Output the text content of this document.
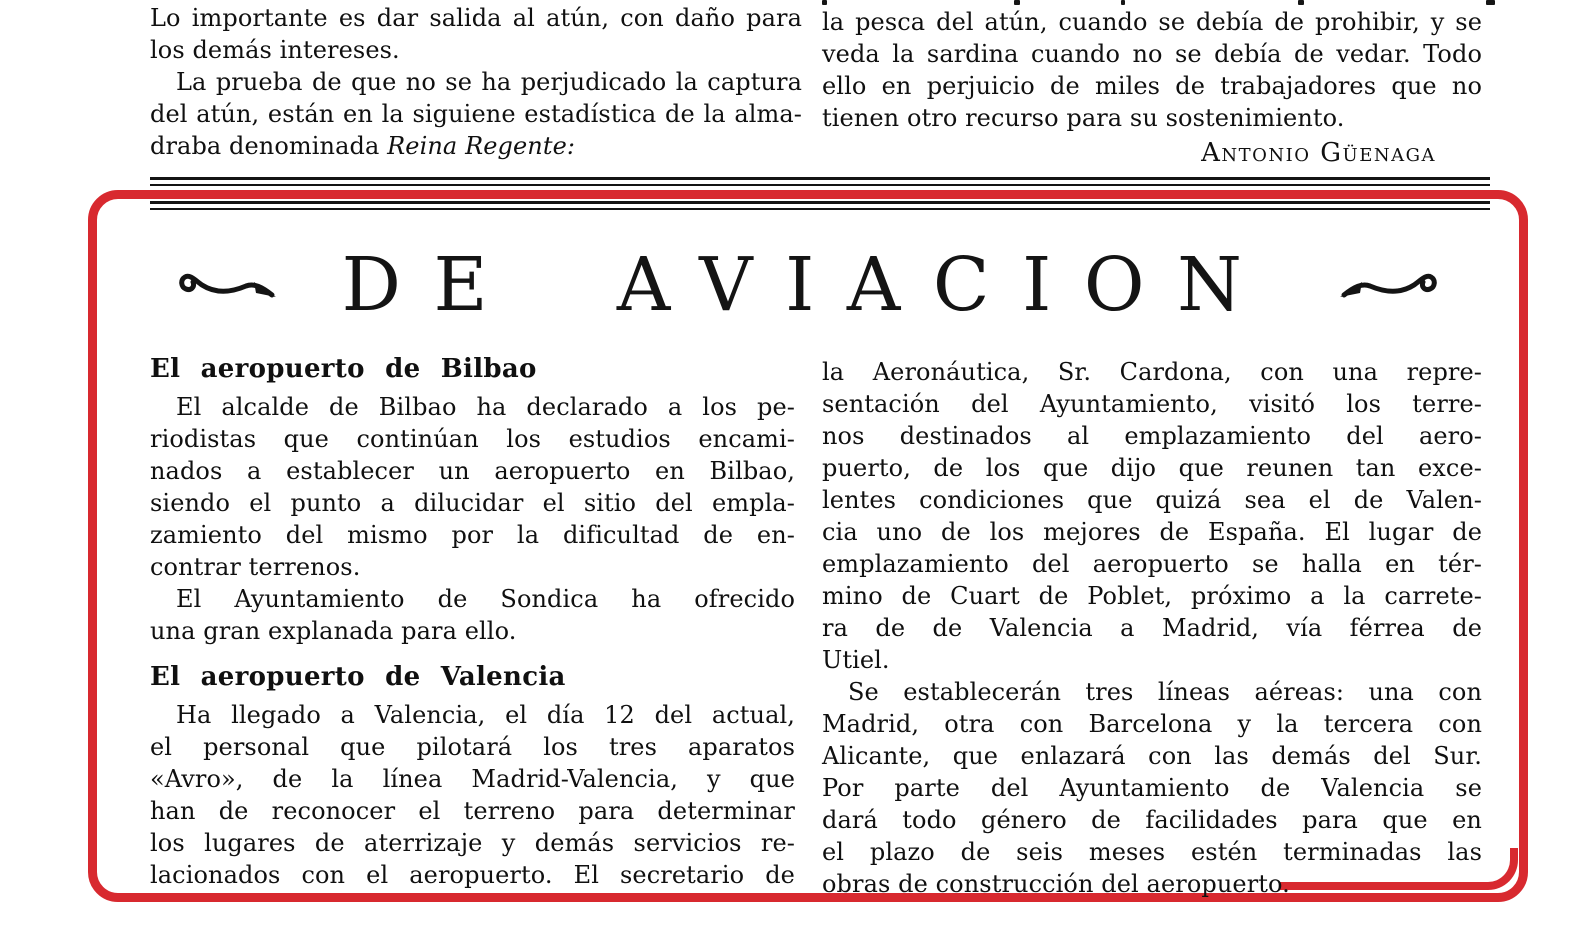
Lo importante es dar salida al atún, con daño para
los demás intereses.
La prueba de que no se ha perjudicado la captura
del atún, están en la siguiene estadística de la alma-
draba denominada Reina Regente:
la pesca del atún, cuando se debía de prohibir, y se
veda la sardina cuando no se debía de vedar. Todo
ello en perjuicio de miles de trabajadores que no
tienen otro recurso para su sostenimiento.
Antonio Güenaga
DE AVIACION
El aeropuerto de Bilbao
El alcalde de Bilbao ha declarado a los pe-
riodistas que continúan los estudios encami-
nados a establecer un aeropuerto en Bilbao,
siendo el punto a dilucidar el sitio del empla-
zamiento del mismo por la dificultad de en-
contrar terrenos.
El Ayuntamiento de Sondica ha ofrecido
una gran explanada para ello.
El aeropuerto de Valencia
Ha llegado a Valencia, el día 12 del actual,
el personal que pilotará los tres aparatos
«Avro», de la línea Madrid-Valencia, y que
han de reconocer el terreno para determinar
los lugares de aterrizaje y demás servicios re-
lacionados con el aeropuerto. El secretario de
la Aeronáutica, Sr. Cardona, con una repre-
sentación del Ayuntamiento, visitó los terre-
nos destinados al emplazamiento del aero-
puerto, de los que dijo que reunen tan exce-
lentes condiciones que quizá sea el de Valen-
cia uno de los mejores de España. El lugar de
emplazamiento del aeropuerto se halla en tér-
mino de Cuart de Poblet, próximo a la carrete-
ra de de Valencia a Madrid, vía férrea de
Utiel.
Se establecerán tres líneas aéreas: una con
Madrid, otra con Barcelona y la tercera con
Alicante, que enlazará con las demás del Sur.
Por parte del Ayuntamiento de Valencia se
dará todo género de facilidades para que en
el plazo de seis meses estén terminadas las
obras de construcción del aeropuerto.
